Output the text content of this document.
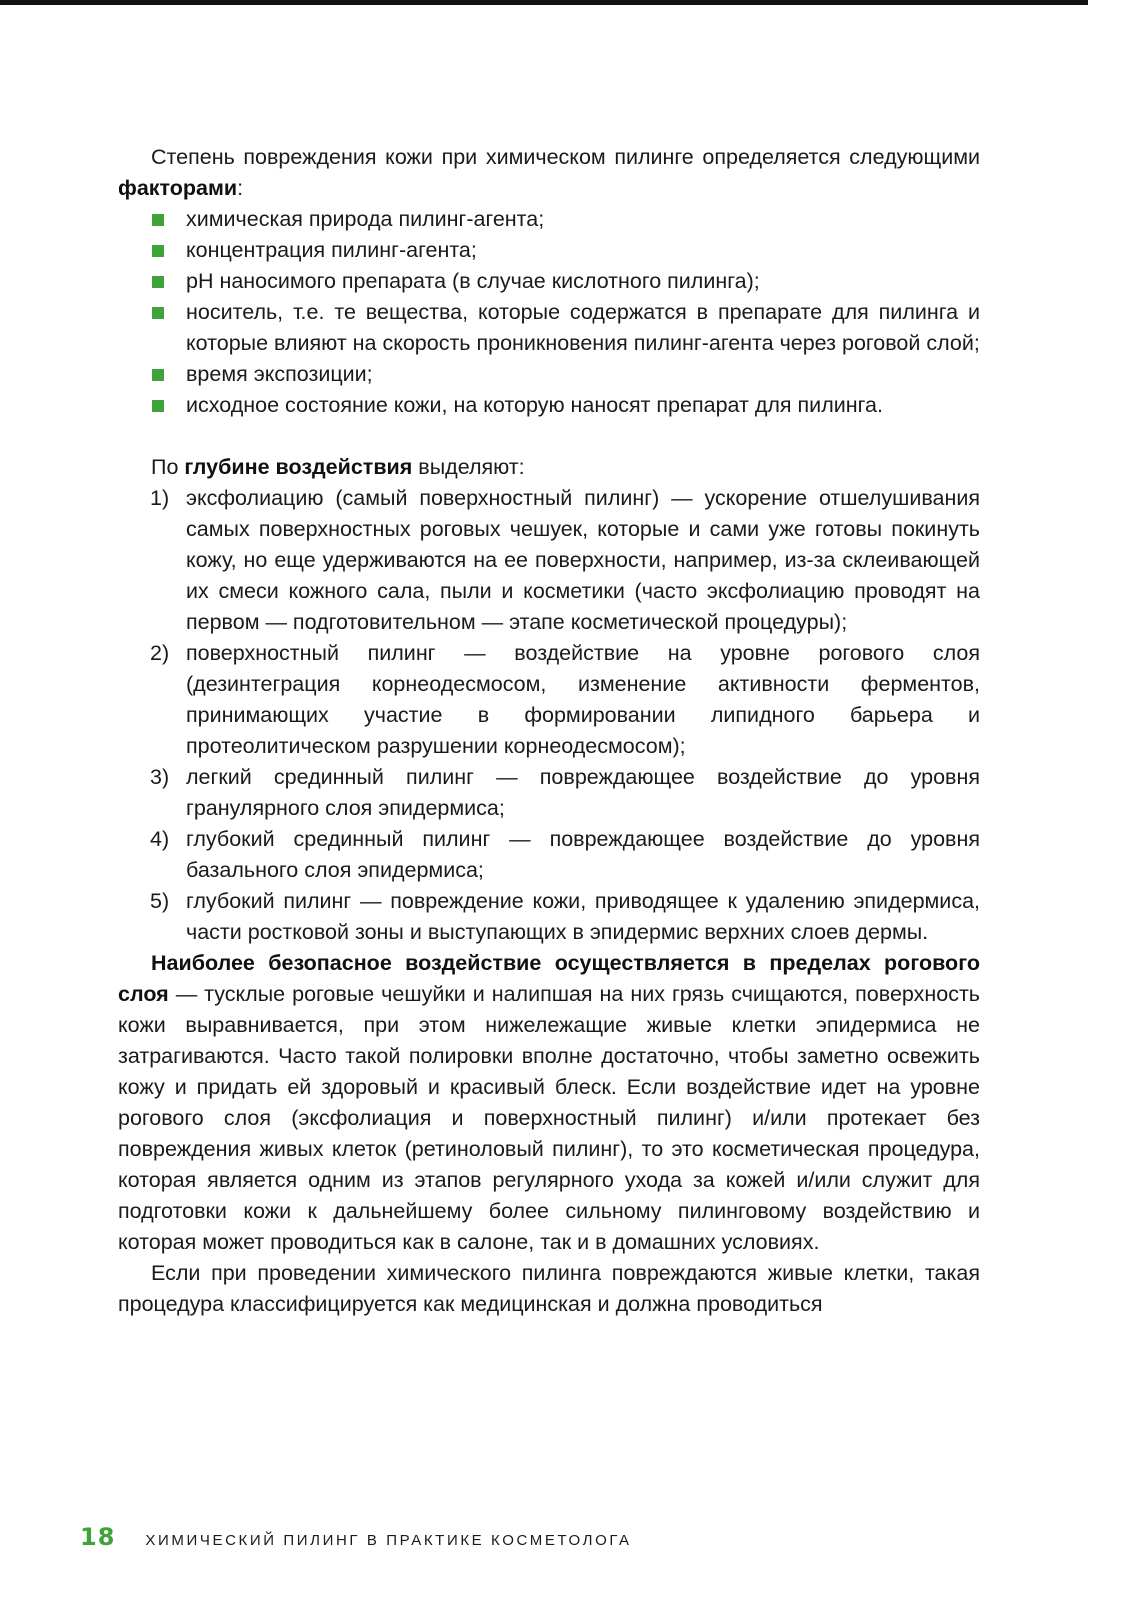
Степень повреждения кожи при химическом пилинге определяется следующими факторами:

химическая природа пилинг-агента;
концентрация пилинг-агента;
pH наносимого препарата (в случае кислотного пилинга);
носитель, т.е. те вещества, которые содержатся в препарате для пилинга и которые влияют на скорость проникновения пилинг-агента через роговой слой;
время экспозиции;
исходное состояние кожи, на которую наносят препарат для пилинга.

По глубине воздействия выделяют:

1) эксфолиацию (самый поверхностный пилинг) — ускорение отшелушивания самых поверхностных роговых чешуек, которые и сами уже готовы покинуть кожу, но еще удерживаются на ее поверхности, например, из-за склеивающей их смеси кожного сала, пыли и косметики (часто эксфолиацию проводят на первом — подготовительном — этапе косметической процедуры);
2) поверхностный пилинг — воздействие на уровне рогового слоя (дезинтеграция корнеодесмосом, изменение активности ферментов, принимающих участие в формировании липидного барьера и протеолитическом разрушении корнеодесмосом);
3) легкий срединный пилинг — повреждающее воздействие до уровня гранулярного слоя эпидермиса;
4) глубокий срединный пилинг — повреждающее воздействие до уровня базального слоя эпидермиса;
5) глубокий пилинг — повреждение кожи, приводящее к удалению эпидермиса, части ростковой зоны и выступающих в эпидермис верхних слоев дермы.

Наиболее безопасное воздействие осуществляется в пределах рогового слоя — тусклые роговые чешуйки и налипшая на них грязь счищаются, поверхность кожи выравнивается, при этом нижележащие живые клетки эпидермиса не затрагиваются. Часто такой полировки вполне достаточно, чтобы заметно освежить кожу и придать ей здоровый и красивый блеск. Если воздействие идет на уровне рогового слоя (эксфолиация и поверхностный пилинг) и/или протекает без повреждения живых клеток (ретиноловый пилинг), то это косметическая процедура, которая является одним из этапов регулярного ухода за кожей и/или служит для подготовки кожи к дальнейшему более сильному пилинговому воздействию и которая может проводиться как в салоне, так и в домашних условиях.

Если при проведении химического пилинга повреждаются живые клетки, такая процедура классифицируется как медицинская и должна проводиться

18 ХИМИЧЕСКИЙ ПИЛИНГ В ПРАКТИКЕ КОСМЕТОЛОГА
